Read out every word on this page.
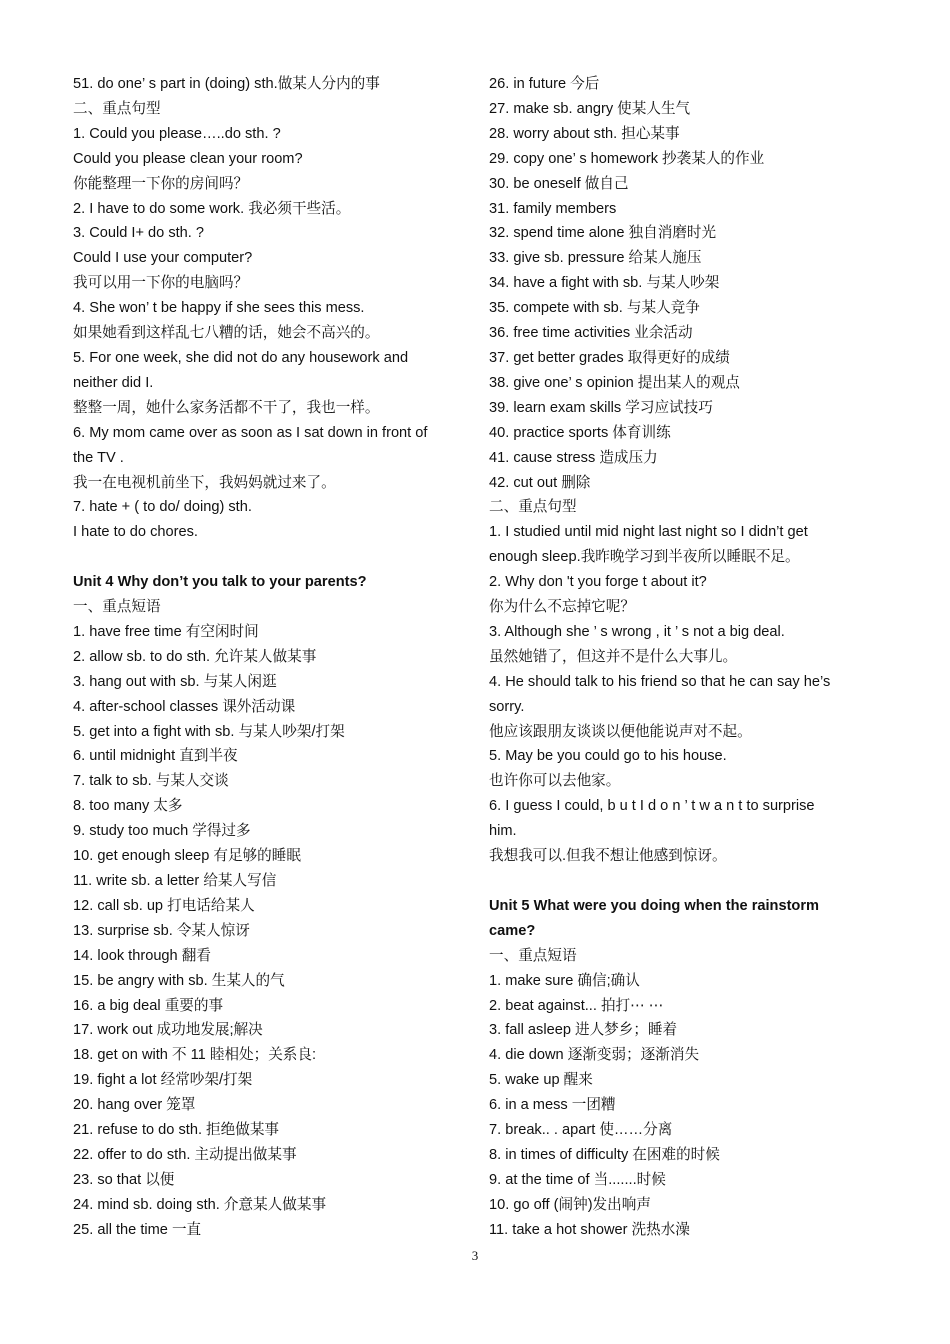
51. do one’ s part in (doing) sth.做某人分内的事
二、重点句型
1. Could you please…..do sth. ?
Could you please clean your room?
你能整理一下你的房间吗？
2. I have to do some work. 我必须干些活。
3. Could I+ do sth. ?
Could I use your computer?
我可以用一下你的电脑吗？
4. She won’ t be happy if she sees this mess.
如果她看到这样乱七八糟的话，她会不高兴的。
5. For one week, she did not do any housework and
neither did I.
整整一周，她什么家务活都不干了，我也一样。
6. My mom came over as soon as I sat down in front of
the TV .
我一在电视机前坐下，我妈妈就过来了。
7. hate + ( to do/ doing) sth.
I hate to do chores.
Unit 4 Why don’t you talk to your parents?
一、重点短语
1. have free time 有空闲时间
2. allow sb. to do sth. 允许某人做某事
3. hang out with sb. 与某人闲逛
4. after-school classes 课外活动课
5. get into a fight with sb. 与某人吵架/打架
6. until midnight 直到半夜
7. talk to sb. 与某人交谈
8. too many 太多
9. study too much 学得过多
10. get enough sleep 有足够的睡眠
11. write sb. a letter 给某人写信
12. call sb. up 打电话给某人
13. surprise sb. 令某人惊讶
14. look through 翻看
15. be angry with sb. 生某人的气
16. a big deal 重要的事
17. work out 成功地发展;解决
18. get on with 不 11 睦相处；关系良:
19. fight a lot 经常吵架/打架
20. hang over 笼罩
21. refuse to do sth. 拒绝做某事
22. offer to do sth. 主动提出做某事
23. so that 以便
24. mind sb. doing sth. 介意某人做某事
25. all the time 一直
26. in future 今后
27. make sb. angry 使某人生气
28. worry about sth. 担心某事
29. copy one’ s homework 抄袭某人的作业
30. be oneself 做自己
31. family members
32. spend time alone 独自消磨时光
33. give sb. pressure 给某人施压
34. have a fight with sb. 与某人吵架
35. compete with sb. 与某人竞争
36. free time activities 业余活动
37. get better grades 取得更好的成绩
38. give one’ s opinion 提出某人的观点
39. learn exam skills 学习应试技巧
40. practice sports 体育训练
41. cause stress 造成压力
42. cut out 删除
二、重点句型
1. I studied until mid night last night so I didn’t get
enough sleep.我昨晚学习到半夜所以睡眠不足。
2. Why don 't you forge t about it?
你为什么不忘掉它呢？
3. Although she ’ s wrong , it ’ s not a big deal.
虽然她错了，但这并不是什么大事儿。
4. He should talk to his friend so that he can say he’s
sorry.
他应该跟朋友谈谈以便他能说声对不起。
5. May be you could go to his house.
也许你可以去他家。
6. I guess I could, b u t I d o n ’ t w a n t to surprise
him.
我想我可以.但我不想让他感到惊讶。
Unit 5 What were you doing when the rainstorm
came?
一、重点短语
1. make sure 确信;确认
2. beat against... 拍打⋯ ⋯
3. fall asleep 进人梦乡；睡着
4. die down 逐渐变弱；逐渐消失
5. wake up 醒来
6. in a mess 一团糟
7. break.. . apart 使……分离
8. in times of difficulty 在困难的时候
9. at the time of 当.......时候
10. go off (闹钟)发出响声
11. take a hot shower 洗热水澡
3
